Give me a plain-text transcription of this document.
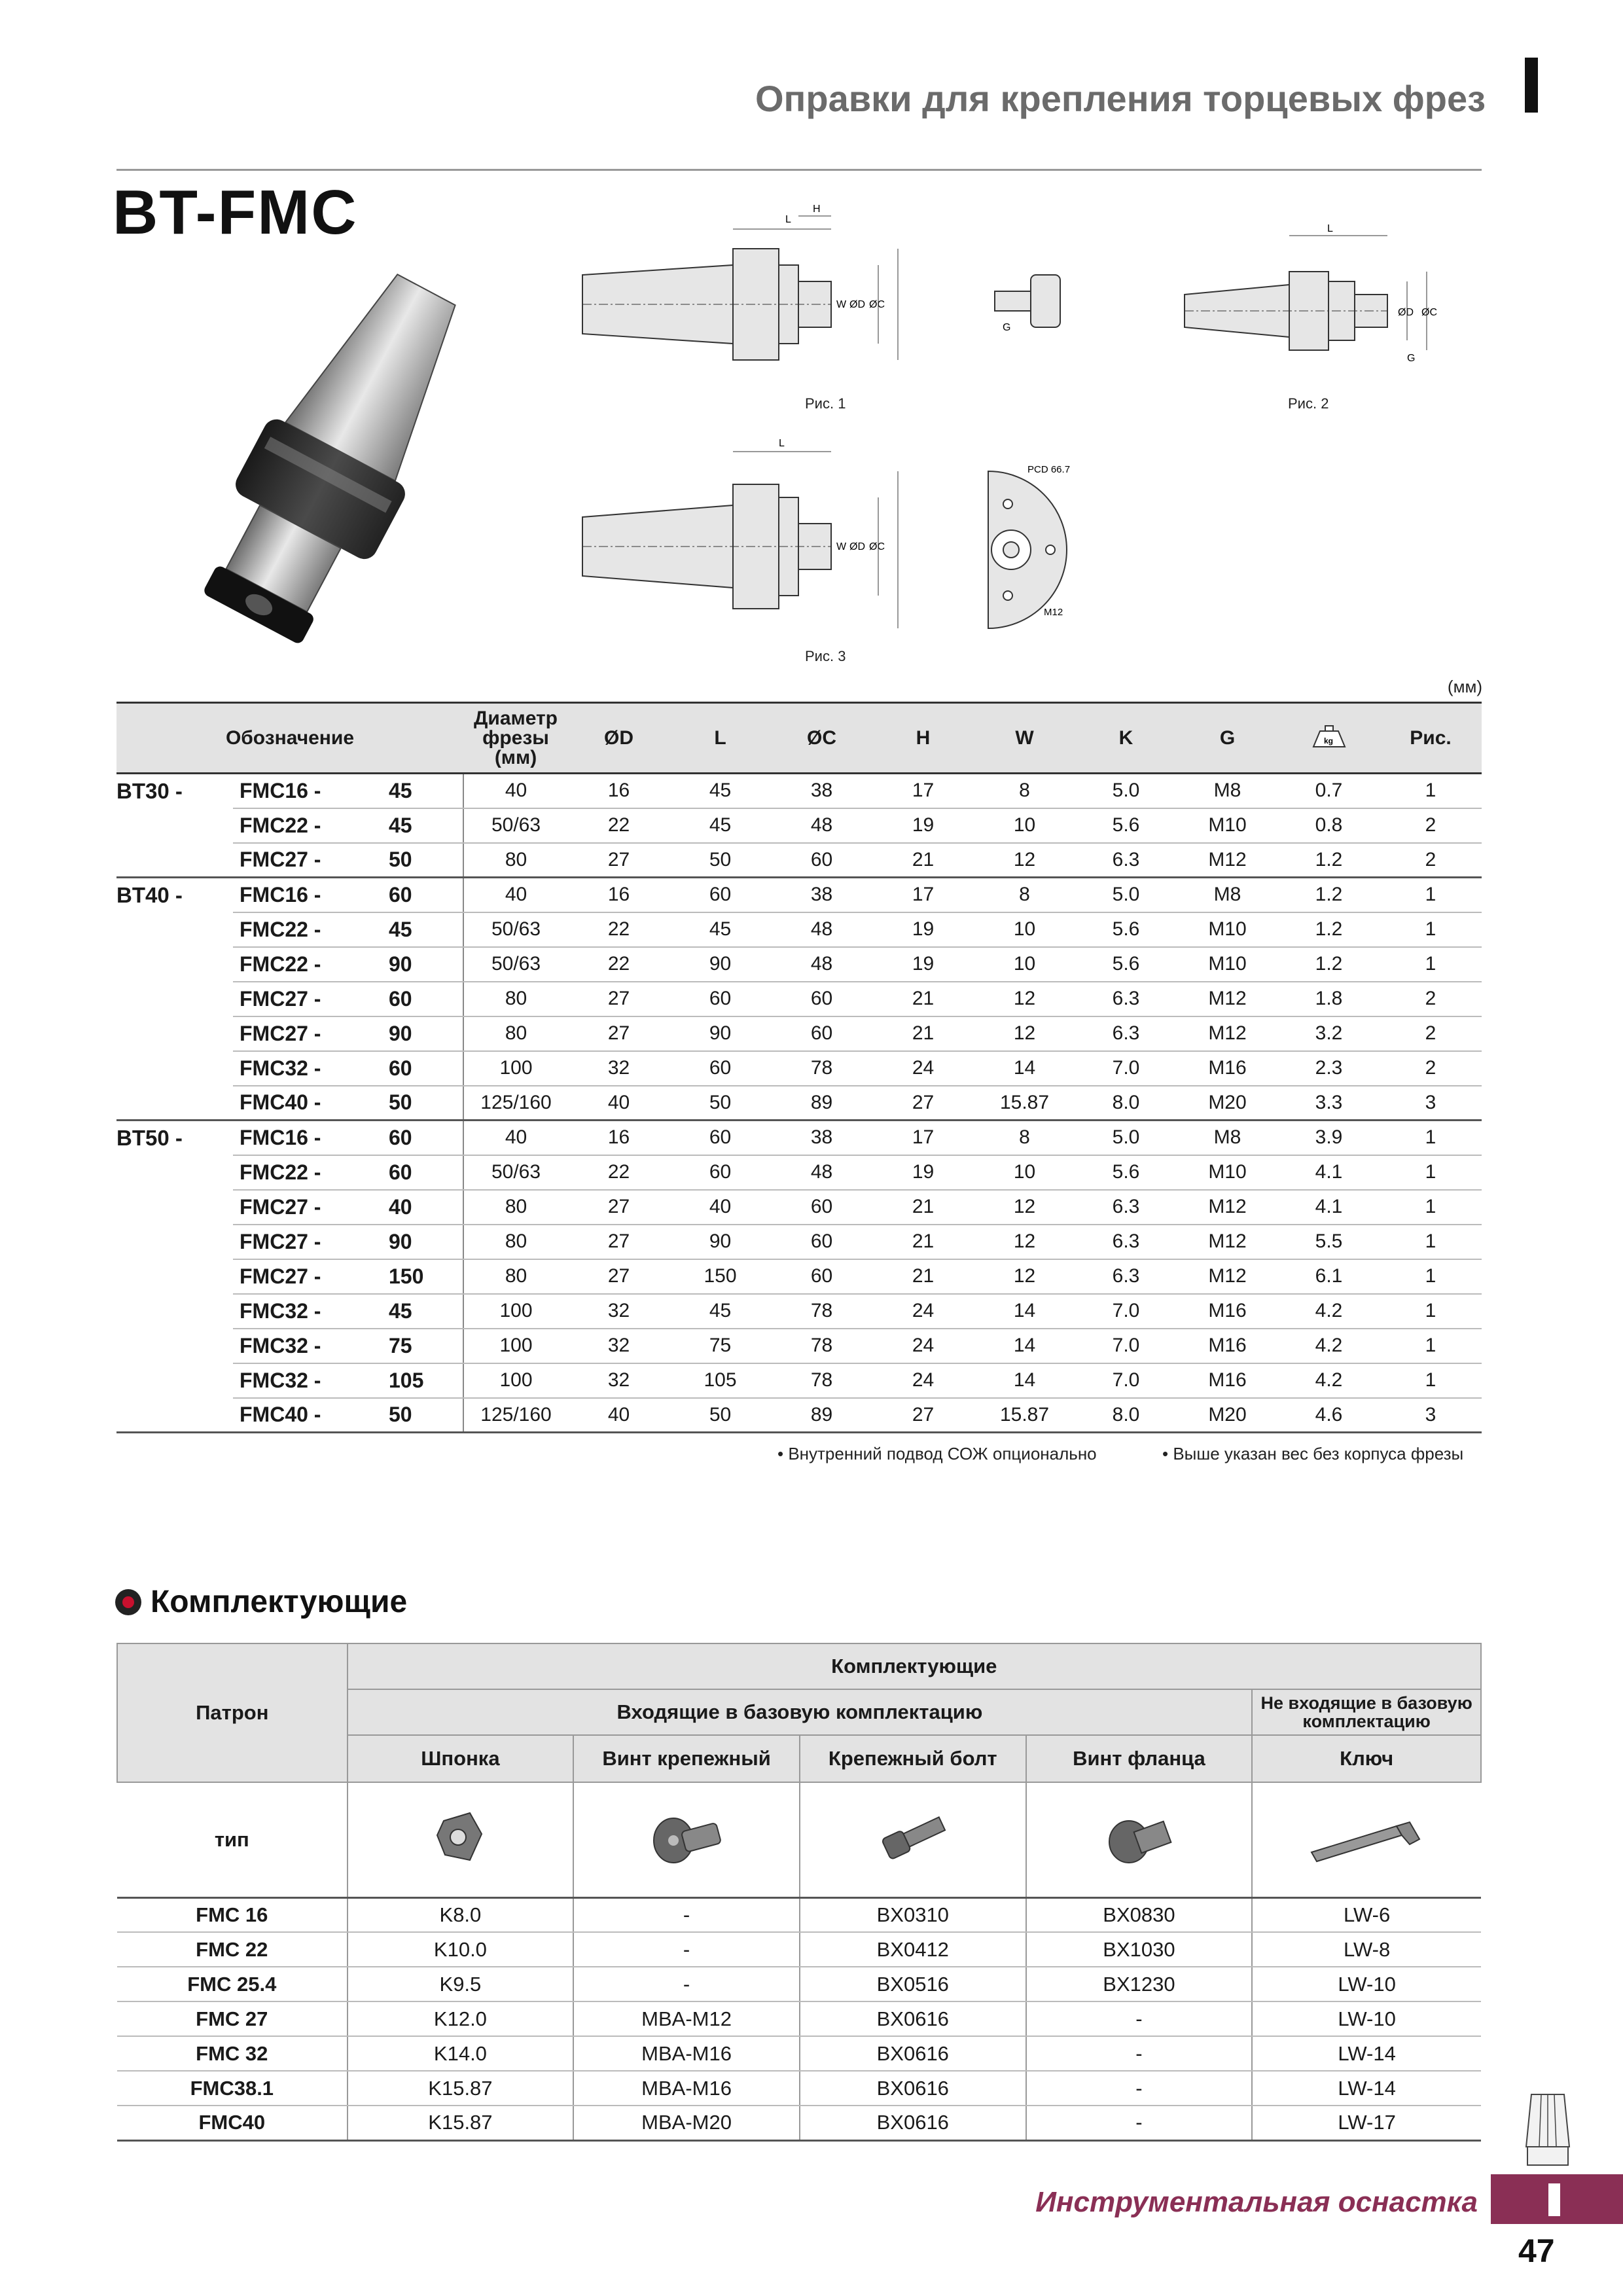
Оправки для крепления торцевых фрез
BT-FMC	L
H
W ØD ØC
G
Рис. 1
L
ØD ØC
G
Рис. 2
L
W ØD ØC
PCD 66.7
M12
Рис. 3
(мм)
Обозначение			Диаметр
фрезы
(мм)	ØD	L	ØC	H	W	K	G	kg	Рис.
BT30 -	FMC16 -	45	40	16	45	38	17	8	5.0	M8	0.7	1
	FMC22 -	45	50/63	22	45	48	19	10	5.6	M10	0.8	2
	FMC27 -	50	80	27	50	60	21	12	6.3	M12	1.2	2
BT40 -	FMC16 -	60	40	16	60	38	17	8	5.0	M8	1.2	1
	FMC22 -	45	50/63	22	45	48	19	10	5.6	M10	1.2	1
	FMC22 -	90	50/63	22	90	48	19	10	5.6	M10	1.2	1
	FMC27 -	60	80	27	60	60	21	12	6.3	M12	1.8	2
	FMC27 -	90	80	27	90	60	21	12	6.3	M12	3.2	2
	FMC32 -	60	100	32	60	78	24	14	7.0	M16	2.3	2
	FMC40 -	50	125/160	40	50	89	27	15.87	8.0	M20	3.3	3
BT50 -	FMC16 -	60	40	16	60	38	17	8	5.0	M8	3.9	1
	FMC22 -	60	50/63	22	60	48	19	10	5.6	M10	4.1	1
	FMC27 -	40	80	27	40	60	21	12	6.3	M12	4.1	1
	FMC27 -	90	80	27	90	60	21	12	6.3	M12	5.5	1
	FMC27 -	150	80	27	150	60	21	12	6.3	M12	6.1	1
	FMC32 -	45	100	32	45	78	24	14	7.0	M16	4.2	1
	FMC32 -	75	100	32	75	78	24	14	7.0	M16	4.2	1
	FMC32 -	105	100	32	105	78	24	14	7.0	M16	4.2	1
	FMC40 -	50	125/160	40	50	89	27	15.87	8.0	M20	4.6	3
• Внутренний подвод СОЖ опционально	• Выше указан вес без корпуса фрезы
Комплектующие
Патрон	Комплектующие				
	Входящие в базовую комплектацию				Не входящие в базовую комплектацию
	Шпонка	Винт крепежный	Крепежный болт	Винт фланца	Ключ
тип					
FMC 16	K8.0	-	BX0310	BX0830	LW-6
FMC 22	K10.0	-	BX0412	BX1030	LW-8
FMC 25.4	K9.5	-	BX0516	BX1230	LW-10
FMC 27	K12.0	MBA-M12	BX0616	-	LW-10
FMC 32	K14.0	MBA-M16	BX0616	-	LW-14
FMC38.1	K15.87	MBA-M16	BX0616	-	LW-14
FMC40	K15.87	MBA-M20	BX0616	-	LW-17
Инструментальная оснастка
47
